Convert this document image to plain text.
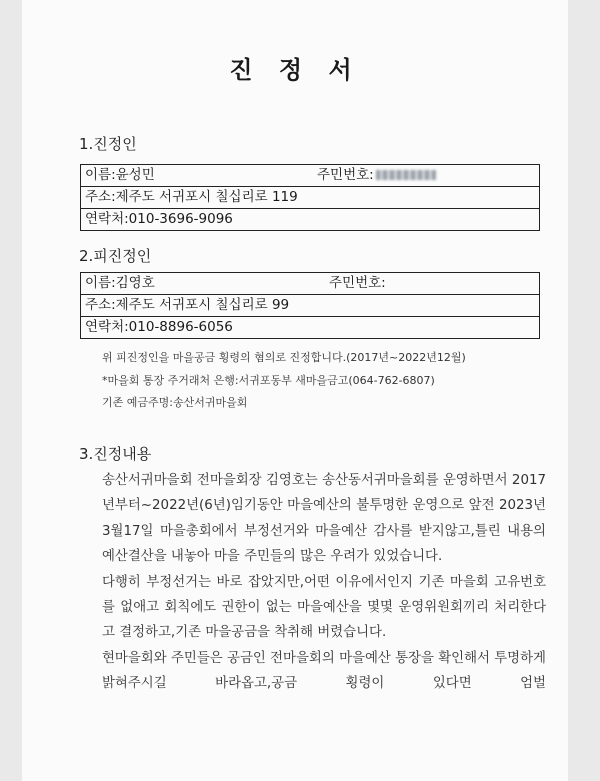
진 정 서
1.진정인
이름:윤성민	주민번호:
주소:제주도 서귀포시 칠십리로 119
연락처:010-3696-9096
2.피진정인
이름:김영호	주민번호:
주소:제주도 서귀포시 칠십리로 99
연락처:010-8896-6056
위 피진정인을 마을공금 횡령의 혐의로 진정합니다.(2017년~2022년12월)
*마을회 통장 주거래처 은행:서귀포동부 새마을금고(064-762-6807)
기존 예금주명:송산서귀마을회
3.진정내용

송산서귀마을회 전마을회장 김영호는 송산동서귀마을회를 운영하면서 2017년부터~2022년(6년)임기동안 마을예산의 불투명한 운영으로 앞전 2023년3월17일 마을총회에서 부정선거와 마을예산 감사를 받지않고,틀린 내용의 예산결산을 내놓아 마을 주민들의 많은 우려가 있었습니다.

다행히 부정선거는 바로 잡았지만,어떤 이유에서인지 기존 마을회 고유번호를 없애고 회칙에도 권한이 없는 마을예산을 몇몇 운영위원회끼리 처리한다고 결정하고,기존 마을공금을 착취해 버렸습니다.

현마을회와 주민들은 공금인 전마을회의 마을예산 통장을 확인해서 투명하게 밝혀주시길 바라옵고,공금 횡령이 있다면 엄벌
